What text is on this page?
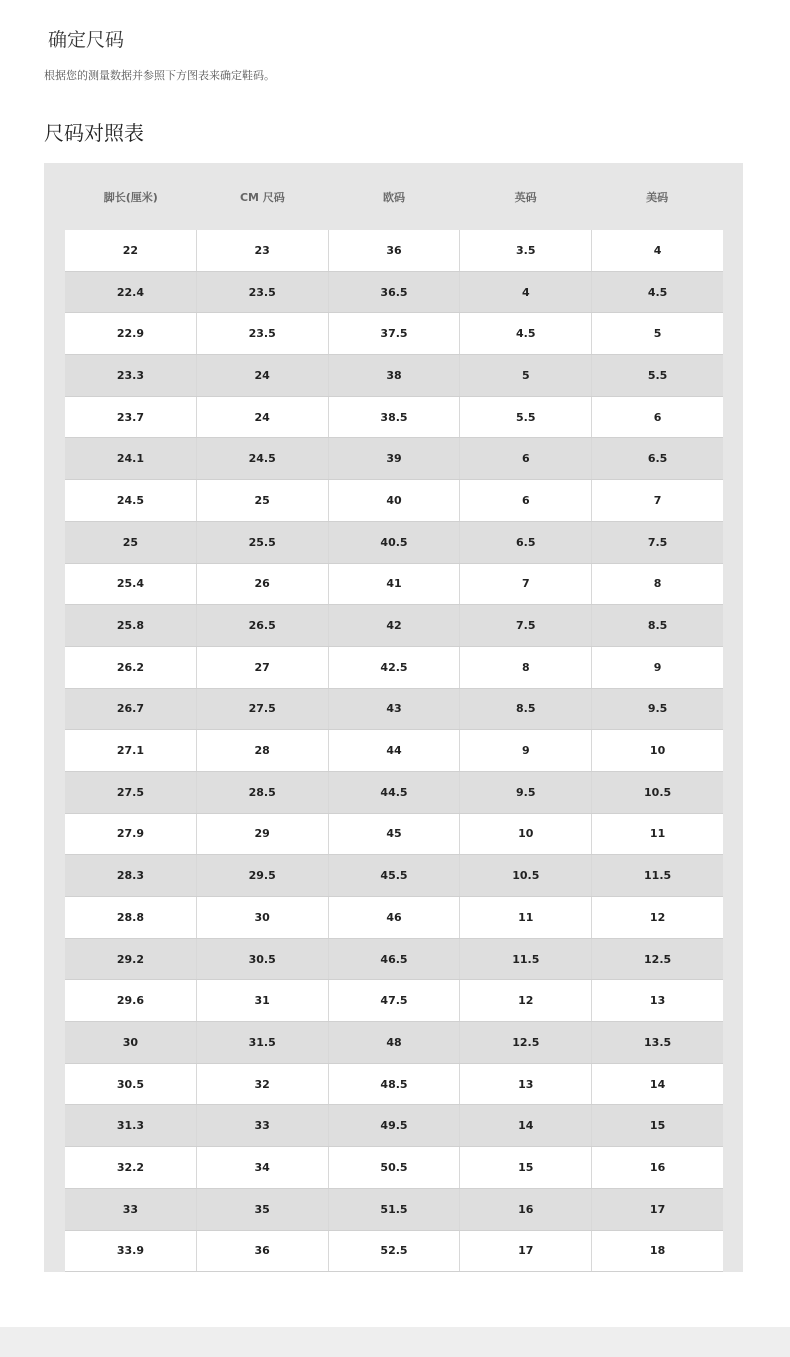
确定尺码

根据您的测量数据并参照下方图表来确定鞋码。

尺码对照表
脚长(厘米)	CM 尺码	欧码	英码	美码
22	23	36	3.5	4
22.4	23.5	36.5	4	4.5
22.9	23.5	37.5	4.5	5
23.3	24	38	5	5.5
23.7	24	38.5	5.5	6
24.1	24.5	39	6	6.5
24.5	25	40	6	7
25	25.5	40.5	6.5	7.5
25.4	26	41	7	8
25.8	26.5	42	7.5	8.5
26.2	27	42.5	8	9
26.7	27.5	43	8.5	9.5
27.1	28	44	9	10
27.5	28.5	44.5	9.5	10.5
27.9	29	45	10	11
28.3	29.5	45.5	10.5	11.5
28.8	30	46	11	12
29.2	30.5	46.5	11.5	12.5
29.6	31	47.5	12	13
30	31.5	48	12.5	13.5
30.5	32	48.5	13	14
31.3	33	49.5	14	15
32.2	34	50.5	15	16
33	35	51.5	16	17
33.9	36	52.5	17	18
